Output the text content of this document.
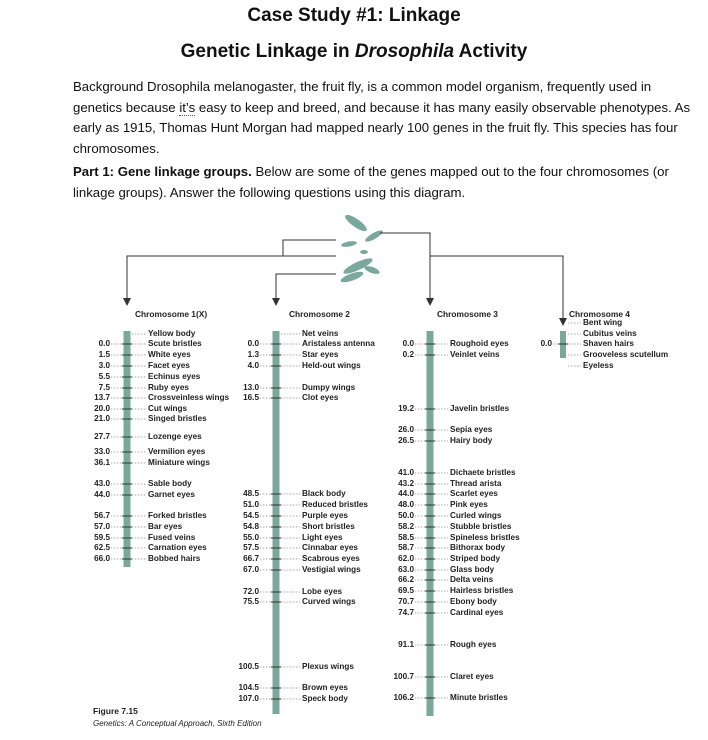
Case Study #1: Linkage
Genetic Linkage in Drosophila Activity
Background Drosophila melanogaster, the fruit fly, is a common model organism, frequently used in genetics because it’s easy to keep and breed, and because it has many easily observable phenotypes. As early as 1915, Thomas Hunt Morgan had mapped nearly 100 genes in the fruit fly. This species has four chromosomes.
Part 1: Gene linkage groups. Below are some of the genes mapped out to the four chromosomes (or linkage groups). Answer the following questions using this diagram.
Chromosome 1(X)
Yellow body
0.0	Scute bristles
1.5	White eyes
3.0	Facet eyes
5.5	Echinus eyes
7.5	Ruby eyes
13.7	Crossveinless wings
20.0	Cut wings
21.0	Singed bristles
27.7	Lozenge eyes
33.0	Vermilion eyes
36.1	Miniature wings
43.0	Sable body
44.0	Garnet eyes
56.7	Forked bristles
57.0	Bar eyes
59.5	Fused veins
62.5	Carnation eyes
66.0	Bobbed hairs
Chromosome 2
Net veins
0.0	Aristaless antenna
1.3	Star eyes
4.0	Held-out wings
13.0	Dumpy wings
16.5	Clot eyes
48.5	Black body
51.0	Reduced bristles
54.5	Purple eyes
54.8	Short bristles
55.0	Light eyes
57.5	Cinnabar eyes
66.7	Scabrous eyes
67.0	Vestigial wings
72.0	Lobe eyes
75.5	Curved wings
100.5	Plexus wings
104.5	Brown eyes
107.0	Speck body
Chromosome 3
0.0	Roughoid eyes
0.2	Veinlet veins
19.2	Javelin bristles
26.0	Sepia eyes
26.5	Hairy body
41.0	Dichaete bristles
43.2	Thread arista
44.0	Scarlet eyes
48.0	Pink eyes
50.0	Curled wings
58.2	Stubble bristles
58.5	Spineless bristles
58.7	Bithorax body
62.0	Striped body
63.0	Glass body
66.2	Delta veins
69.5	Hairless bristles
70.7	Ebony body
74.7	Cardinal eyes
91.1	Rough eyes
100.7	Claret eyes
106.2	Minute bristles
Chromosome 4
Bent wing
Cubitus veins
0.0	Shaven hairs
Grooveless scutellum
Eyeless
Figure 7.15
Genetics: A Conceptual Approach, Sixth Edition
